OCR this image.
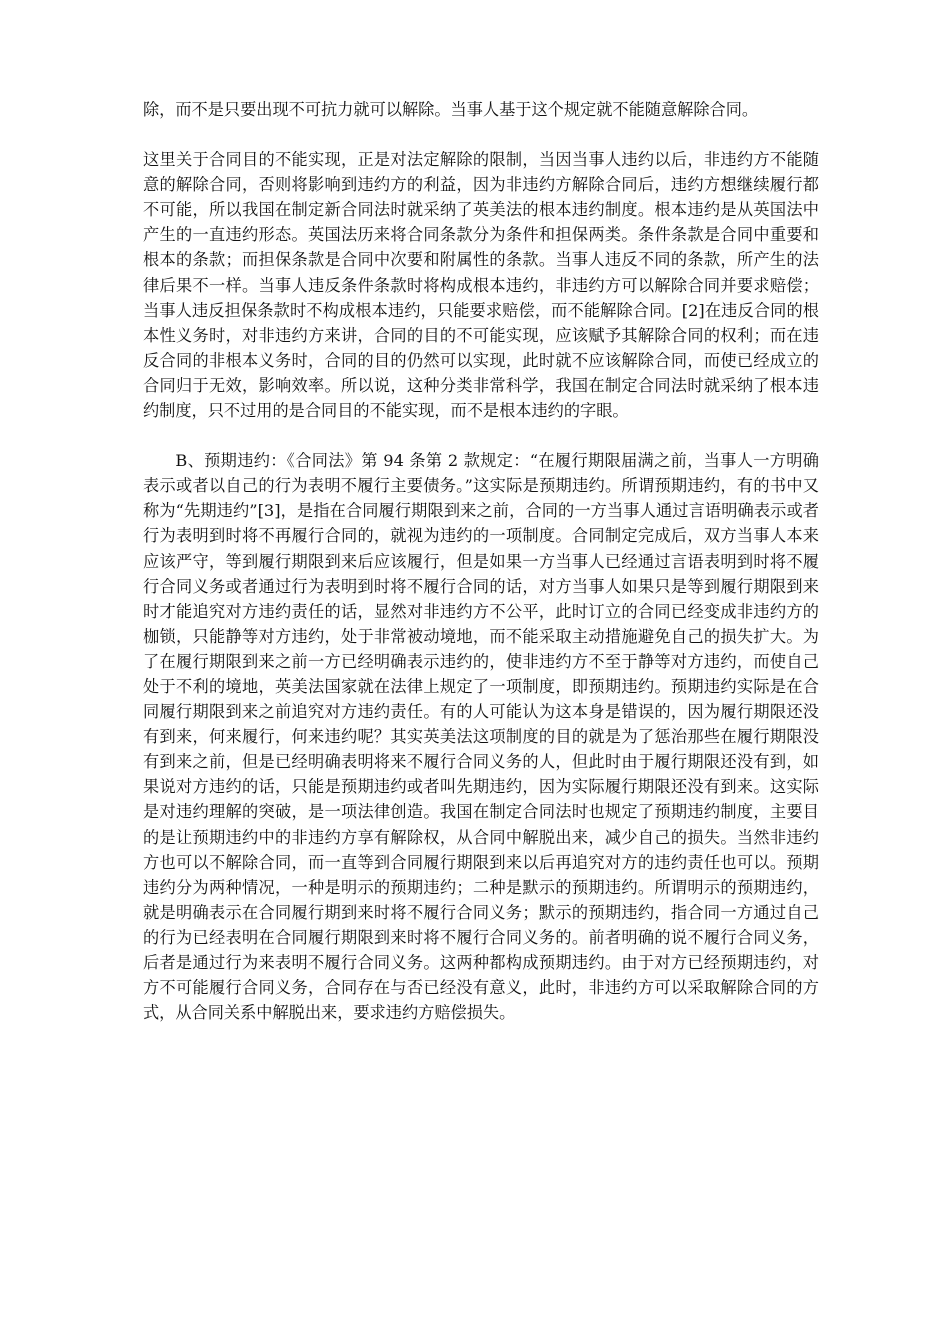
除，而不是只要出现不可抗力就可以解除。当事人基于这个规定就不能随意解除合同。

这里关于合同目的不能实现，正是对法定解除的限制，当因当事人违约以后，非违约方不能随意的解除合同，否则将影响到违约方的利益，因为非违约方解除合同后，违约方想继续履行都不可能，所以我国在制定新合同法时就采纳了英美法的根本违约制度。根本违约是从英国法中产生的一直违约形态。英国法历来将合同条款分为条件和担保两类。条件条款是合同中重要和根本的条款；而担保条款是合同中次要和附属性的条款。当事人违反不同的条款，所产生的法律后果不一样。当事人违反条件条款时将构成根本违约，非违约方可以解除合同并要求赔偿；当事人违反担保条款时不构成根本违约，只能要求赔偿，而不能解除合同。[2]在违反合同的根本性义务时，对非违约方来讲，合同的目的不可能实现，应该赋予其解除合同的权利；而在违反合同的非根本义务时，合同的目的仍然可以实现，此时就不应该解除合同，而使已经成立的合同归于无效，影响效率。所以说，这种分类非常科学，我国在制定合同法时就采纳了根本违约制度，只不过用的是合同目的不能实现，而不是根本违约的字眼。

B、预期违约：《合同法》第 94 条第 2 款规定：“在履行期限届满之前，当事人一方明确表示或者以自己的行为表明不履行主要债务。”这实际是预期违约。所谓预期违约，有的书中又称为“先期违约”[3]，是指在合同履行期限到来之前，合同的一方当事人通过言语明确表示或者行为表明到时将不再履行合同的，就视为违约的一项制度。合同制定完成后，双方当事人本来应该严守，等到履行期限到来后应该履行，但是如果一方当事人已经通过言语表明到时将不履行合同义务或者通过行为表明到时将不履行合同的话，对方当事人如果只是等到履行期限到来时才能追究对方违约责任的话，显然对非违约方不公平，此时订立的合同已经变成非违约方的枷锁，只能静等对方违约，处于非常被动境地，而不能采取主动措施避免自己的损失扩大。为了在履行期限到来之前一方已经明确表示违约的，使非违约方不至于静等对方违约，而使自己处于不利的境地，英美法国家就在法律上规定了一项制度，即预期违约。预期违约实际是在合同履行期限到来之前追究对方违约责任。有的人可能认为这本身是错误的，因为履行期限还没有到来，何来履行，何来违约呢？其实英美法这项制度的目的就是为了惩治那些在履行期限没有到来之前，但是已经明确表明将来不履行合同义务的人，但此时由于履行期限还没有到，如果说对方违约的话，只能是预期违约或者叫先期违约，因为实际履行期限还没有到来。这实际是对违约理解的突破，是一项法律创造。我国在制定合同法时也规定了预期违约制度，主要目的是让预期违约中的非违约方享有解除权，从合同中解脱出来，减少自己的损失。当然非违约方也可以不解除合同，而一直等到合同履行期限到来以后再追究对方的违约责任也可以。预期违约分为两种情况，一种是明示的预期违约；二种是默示的预期违约。所谓明示的预期违约，就是明确表示在合同履行期到来时将不履行合同义务；默示的预期违约，指合同一方通过自己的行为已经表明在合同履行期限到来时将不履行合同义务的。前者明确的说不履行合同义务，后者是通过行为来表明不履行合同义务。这两种都构成预期违约。由于对方已经预期违约，对方不可能履行合同义务，合同存在与否已经没有意义，此时，非违约方可以采取解除合同的方式，从合同关系中解脱出来，要求违约方赔偿损失。
